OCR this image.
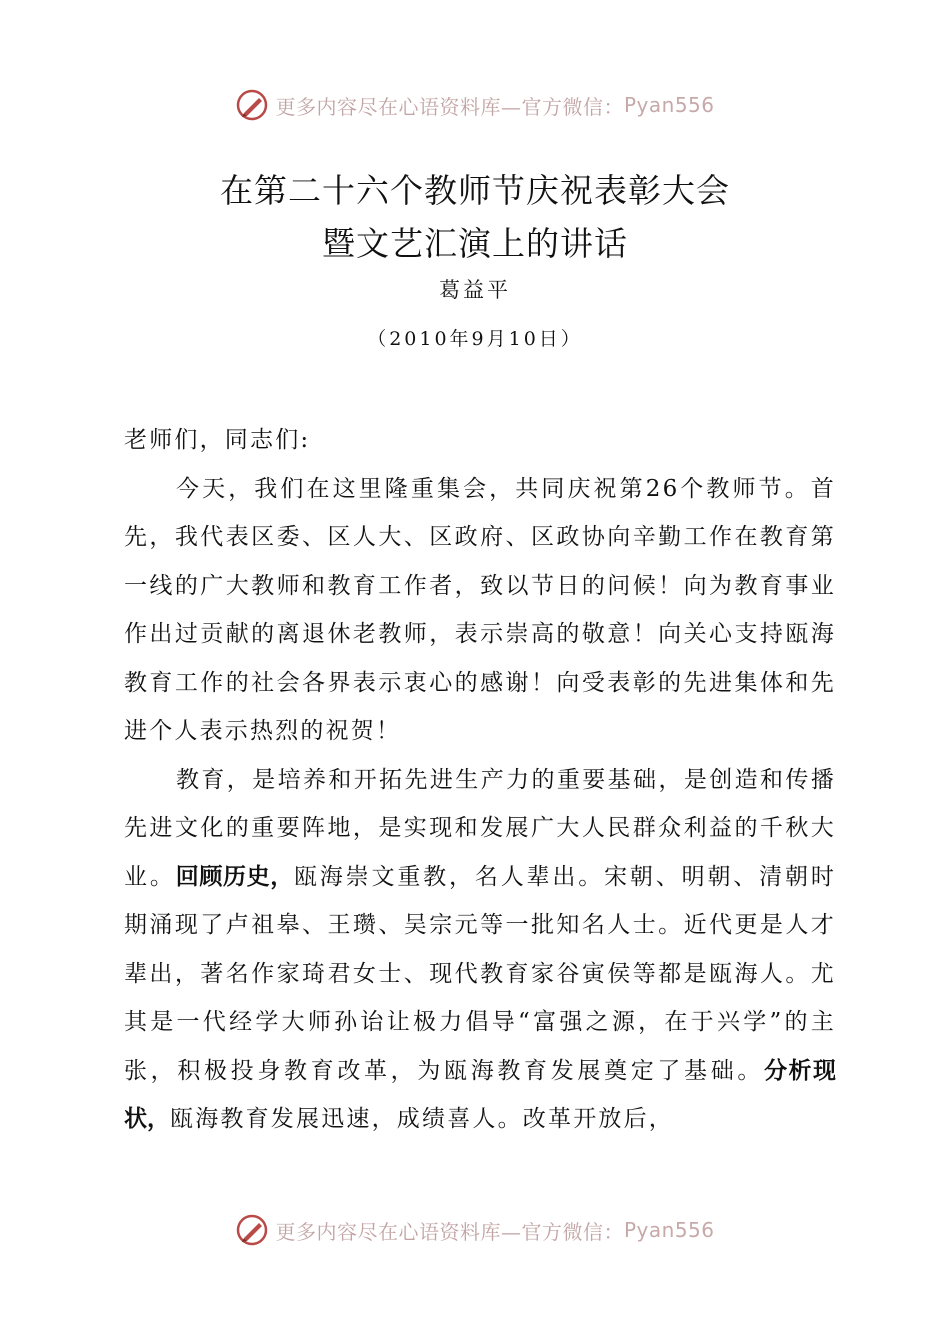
更多内容尽在心语资料库—官方微信： Pyan556
在第二十六个教师节庆祝表彰大会
暨文艺汇演上的讲话
葛益平
（2010年9月10日）

老师们，同志们:

今天，我们在这里隆重集会，共同庆祝第26个教师节。首先，我代表区委、区人大、区政府、区政协向辛勤工作在教育第一线的广大教师和教育工作者，致以节日的问候！向为教育事业作出过贡献的离退休老教师，表示崇高的敬意！向关心支持瓯海教育工作的社会各界表示衷心的感谢！向受表彰的先进集体和先进个人表示热烈的祝贺！

教育，是培养和开拓先进生产力的重要基础，是创造和传播先进文化的重要阵地，是实现和发展广大人民群众利益的千秋大业。回顾历史，瓯海崇文重教，名人辈出。宋朝、明朝、清朝时期涌现了卢祖皋、王瓒、吴宗元等一批知名人士。近代更是人才辈出，著名作家琦君女士、现代教育家谷寅侯等都是瓯海人。尤其是一代经学大师孙诒让极力倡导“富强之源，在于兴学”的主张，积极投身教育改革，为瓯海教育发展奠定了基础。分析现状，瓯海教育发展迅速，成绩喜人。改革开放后，

更多内容尽在心语资料库—官方微信： Pyan556
